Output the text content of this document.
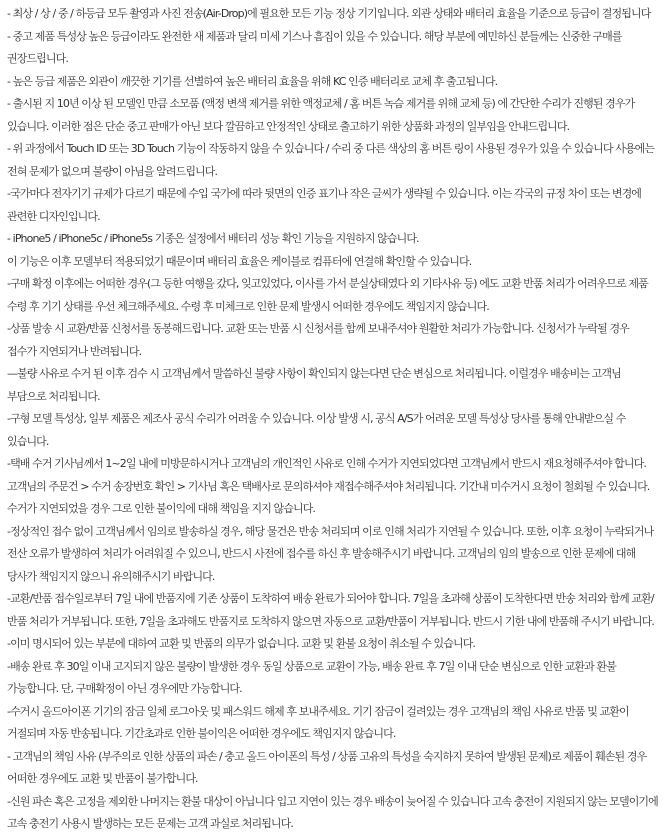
- 최상 / 상 / 중 / 하등급 모두 촬영과 사진 전송(Air-Drop)에 필요한 모든 기능 정상 기기입니다. 외관 상태와 배터리 효율을 기준으로 등급이 결정됩니다

- 중고 제품 특성상 높은 등급이라도 완전한 새 제품과 달리 미세 기스나 흠집이 있을 수 있습니다. 해당 부분에 예민하신 분들께는 신중한 구매를 권장드립니다.

- 높은 등급 제품은 외관이 깨끗한 기기를 선별하여 높은 배터리 효율을 위해 KC 인증 배터리로 교체 후 출고됩니다.

- 출시된 지 10년 이상 된 모델인 만큼 소모품 (액정 변색 제거를 위한 액정교체 / 홈 버튼 녹슴 제거를 위해 교체 등) 에 간단한 수리가 진행된 경우가 있습니다. 이러한 점은 단순 중고 판매가 아닌 보다 깔끔하고 안정적인 상태로 출고하기 위한 상품화 과정의 일부임을 안내드립니다.

- 위 과정에서 Touch ID 또는 3D Touch 기능이 작동하지 않을 수 있습니다 / 수리 중 다른 색상의 홈 버튼 링이 사용된 경우가 있을 수 있습니다 사용에는 전혀 문제가 없으며 불량이 아님을 알려드립니다.

-국가마다 전자기기 규제가 다르기 때문에 수입 국가에 따라 뒷면의 인증 표기나 작은 글씨가 생략될 수 있습니다. 이는 각국의 규정 차이 또는 변경에 관련한 디자인입니다.

- iPhone5 / iPhone5c / iPhone5s 기종은 설정에서 배터리 성능 확인 기능을 지원하지 않습니다.

이 기능은 이후 모델부터 적용되었기 때문이며 배터리 효율은 케이블로 컴퓨터에 연결해 확인할 수 있습니다.

-구매 확정 이후에는 어떠한 경우(그 등한 여행을 갔다, 잊고있었다, 이사를 가서 분실상태였다 외 기타사유 등) 에도 교환 반품 처리가 어려우므로 제품 수령 후 기기 상태를 우선 체크해주세요. 수령 후 미체크로 인한 문제 발생시 어떠한 경우에도 책임지지 않습니다.

-상품 발송 시 교환/반품 신청서를 동봉해드립니다. 교환 또는 반품 시 신청서를 함께 보내주셔야 원활한 처리가 가능합니다. 신청서가 누락될 경우 접수가 지연되거나 반려됩니다.

—불량 사유로 수거 된 이후 검수 시 고객님께서 말씀하신 불량 사항이 확인되지 않는다면 단순 변심으로 처리됩니다. 이럴경우 배송비는 고객님 부담으로 처리됩니다.

-구형 모델 특성상, 일부 제품은 제조사 공식 수리가 어려울 수 있습니다. 이상 발생 시, 공식 A/S가 어려운 모델 특성상 당사를 통해 안내받으실 수 있습니다.

-택배 수거 기사님께서 1~2일 내에 미방문하시거나 고객님의 개인적인 사유로 인해 수거가 지연되었다면 고객님께서 반드시 재요청해주셔야 합니다. 고객님의 주문건 > 수거 송장번호 확인 > 기사님 혹은 택배사로 문의하셔야 재접수해주셔야 처리됩니다. 기간내 미수거시 요청이 철회될 수 있습니다. 수거가 지연되었을 경우 그로 인한 불이익에 대해 책임을 지지 않습니다.

-정상적인 접수 없이 고객님께서 임의로 발송하실 경우, 해당 물건은 반송 처리되며 이로 인해 처리가 지연될 수 있습니다. 또한, 이후 요청이 누락되거나 전산 오류가 발생하여 처리가 어려워질 수 있으니, 반드시 사전에 접수를 하신 후 발송해주시기 바랍니다. 고객님의 임의 발송으로 인한 문제에 대해 당사가 책임지지 않으니 유의해주시기 바랍니다.

-교환/반품 접수일로부터 7일 내에 반품지에 기존 상품이 도착하여 배송 완료가 되어야 합니다. 7일을 초과해 상품이 도착한다면 반송 처리와 함께 교환/반품 처리가 거부됩니다. 또한, 7일을 초과해도 반품지로 도착하지 않으면 자동으로 교환/반품이 거부됩니다. 반드시 기한 내에 반품해 주시기 바랍니다.

-이미 명시되어 있는 부분에 대하여 교환 및 반품의 의무가 없습니다. 교환 및 환불 요청이 취소될 수 있습니다.

-배송 완료 후 30일 이내 고지되지 않은 불량이 발생한 경우 동일 상품으로 교환이 가능, 배송 완료 후 7일 이내 단순 변심으로 인한 교환과 환불 가능합니다. 단, 구매확정이 아닌 경우에만 가능합니다.

-수거시 올드아이폰 기기의 잠금 일체 로그아웃 및 패스워드 해제 후 보내주세요. 기기 잠금이 걸려있는 경우 고객님의 책임 사유로 반품 및 교환이 거절되며 자동 반송됩니다. 기간초과로 인한 불이익은 어떠한 경우에도 책임지지 않습니다.

- 고객님의 책임 사유 (부주의로 인한 상품의 파손 / 충고 올드 아이폰의 특성 / 상품 고유의 특성을 숙지하지 못하여 발생된 문제)로 제품이 훼손된 경우 어떠한 경우에도 교환 및 반품이 불가합니다.

-신원 파손 혹은 고정을 제외한 나머지는 환불 대상이 아닙니다 입고 지연이 있는 경우 배송이 늦어질 수 있습니다 고속 충전이 지원되지 않는 모델이기에 고속 충전기 사용시 발생하는 모든 문제는 고객 과실로 처리됩니다.
